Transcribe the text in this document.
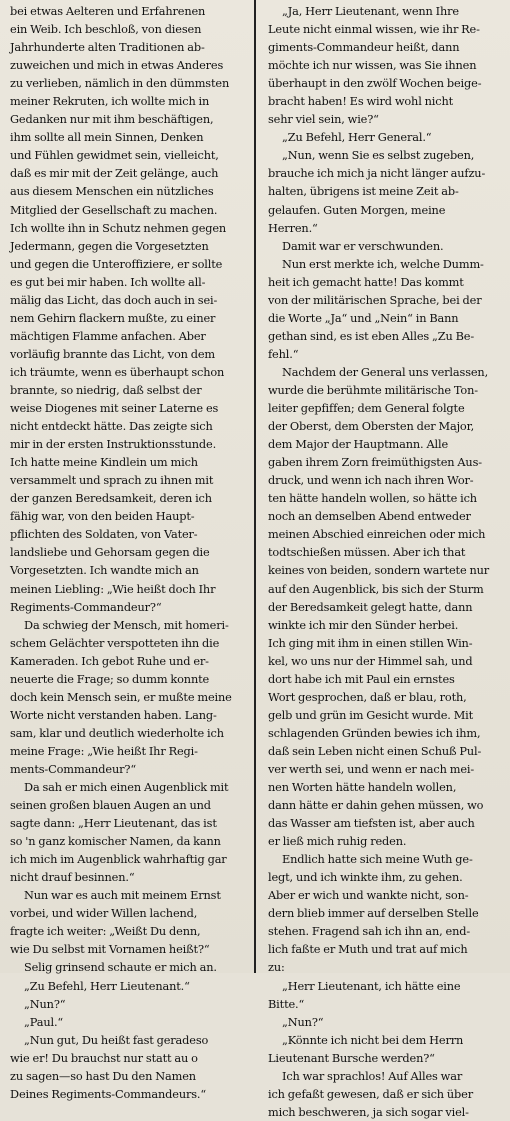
bei etwas Aelteren und Erfahrenen
ein Weib. Ich beschloß, von diesen
Jahrhunderte alten Traditionen ab-
zuweichen und mich in etwas Anderes
zu verlieben, nämlich in den dümmsten
meiner Rekruten, ich wollte mich in
Gedanken nur mit ihm beschäftigen,
ihm sollte all mein Sinnen, Denken
und Fühlen gewidmet sein, vielleicht,
daß es mir mit der Zeit gelänge, auch
aus diesem Menschen ein nützliches
Mitglied der Gesellschaft zu machen.
Ich wollte ihn in Schutz nehmen gegen
Jedermann, gegen die Vorgesetzten
und gegen die Unteroffiziere, er sollte
es gut bei mir haben. Ich wollte all-
mälig das Licht, das doch auch in sei-
nem Gehirn flackern mußte, zu einer
mächtigen Flamme anfachen. Aber
vorläufig brannte das Licht, von dem
ich träumte, wenn es überhaupt schon
brannte, so niedrig, daß selbst der
weise Diogenes mit seiner Laterne es
nicht entdeckt hätte. Das zeigte sich
mir in der ersten Instruktionsstunde.
Ich hatte meine Kindlein um mich
versammelt und sprach zu ihnen mit
der ganzen Beredsamkeit, deren ich
fähig war, von den beiden Haupt-
pflichten des Soldaten, von Vater-
landsliebe und Gehorsam gegen die
Vorgesetzten. Ich wandte mich an
meinen Liebling: „Wie heißt doch Ihr
Regiments-Commandeur?“
Da schwieg der Mensch, mit homeri-
schem Gelächter verspotteten ihn die
Kameraden. Ich gebot Ruhe und er-
neuerte die Frage; so dumm konnte
doch kein Mensch sein, er mußte meine
Worte nicht verstanden haben. Lang-
sam, klar und deutlich wiederholte ich
meine Frage: „Wie heißt Ihr Regi-
ments-Commandeur?“
Da sah er mich einen Augenblick mit
seinen großen blauen Augen an und
sagte dann: „Herr Lieutenant, das ist
so 'n ganz komischer Namen, da kann
ich mich im Augenblick wahrhaftig gar
nicht drauf besinnen.“
Nun war es auch mit meinem Ernst
vorbei, und wider Willen lachend,
fragte ich weiter: „Weißt Du denn,
wie Du selbst mit Vornamen heißt?“
Selig grinsend schaute er mich an.
„Zu Befehl, Herr Lieutenant.“
„Nun?“
„Paul.“
„Nun gut, Du heißt fast geradeso
wie er! Du brauchst nur statt au o
zu sagen—so hast Du den Namen
Deines Regiments-Commandeurs.“
„Ja, Herr Lieutenant, wenn Ihre
Leute nicht einmal wissen, wie ihr Re-
giments-Commandeur heißt, dann
möchte ich nur wissen, was Sie ihnen
überhaupt in den zwölf Wochen beige-
bracht haben! Es wird wohl nicht
sehr viel sein, wie?“
„Zu Befehl, Herr General.“
„Nun, wenn Sie es selbst zugeben,
brauche ich mich ja nicht länger aufzu-
halten, übrigens ist meine Zeit ab-
gelaufen. Guten Morgen, meine
Herren.“
Damit war er verschwunden.
Nun erst merkte ich, welche Dumm-
heit ich gemacht hatte! Das kommt
von der militärischen Sprache, bei der
die Worte „Ja“ und „Nein“ in Bann
gethan sind, es ist eben Alles „Zu Be-
fehl.“
Nachdem der General uns verlassen,
wurde die berühmte militärische Ton-
leiter gepfiffen; dem General folgte
der Oberst, dem Obersten der Major,
dem Major der Hauptmann. Alle
gaben ihrem Zorn freimüthigsten Aus-
druck, und wenn ich nach ihren Wor-
ten hätte handeln wollen, so hätte ich
noch an demselben Abend entweder
meinen Abschied einreichen oder mich
todtschießen müssen. Aber ich that
keines von beiden, sondern wartete nur
auf den Augenblick, bis sich der Sturm
der Beredsamkeit gelegt hatte, dann
winkte ich mir den Sünder herbei.
Ich ging mit ihm in einen stillen Win-
kel, wo uns nur der Himmel sah, und
dort habe ich mit Paul ein ernstes
Wort gesprochen, daß er blau, roth,
gelb und grün im Gesicht wurde. Mit
schlagenden Gründen bewies ich ihm,
daß sein Leben nicht einen Schuß Pul-
ver werth sei, und wenn er nach mei-
nen Worten hätte handeln wollen,
dann hätte er dahin gehen müssen, wo
das Wasser am tiefsten ist, aber auch
er ließ mich ruhig reden.
Endlich hatte sich meine Wuth ge-
legt, und ich winkte ihm, zu gehen.
Aber er wich und wankte nicht, son-
dern blieb immer auf derselben Stelle
stehen. Fragend sah ich ihn an, end-
lich faßte er Muth und trat auf mich
zu:
„Herr Lieutenant, ich hätte eine
Bitte.“
„Nun?“
„Könnte ich nicht bei dem Herrn
Lieutenant Bursche werden?“
Ich war sprachlos! Auf Alles war
ich gefaßt gewesen, daß er sich über
mich beschweren, ja sich sogar viel-
